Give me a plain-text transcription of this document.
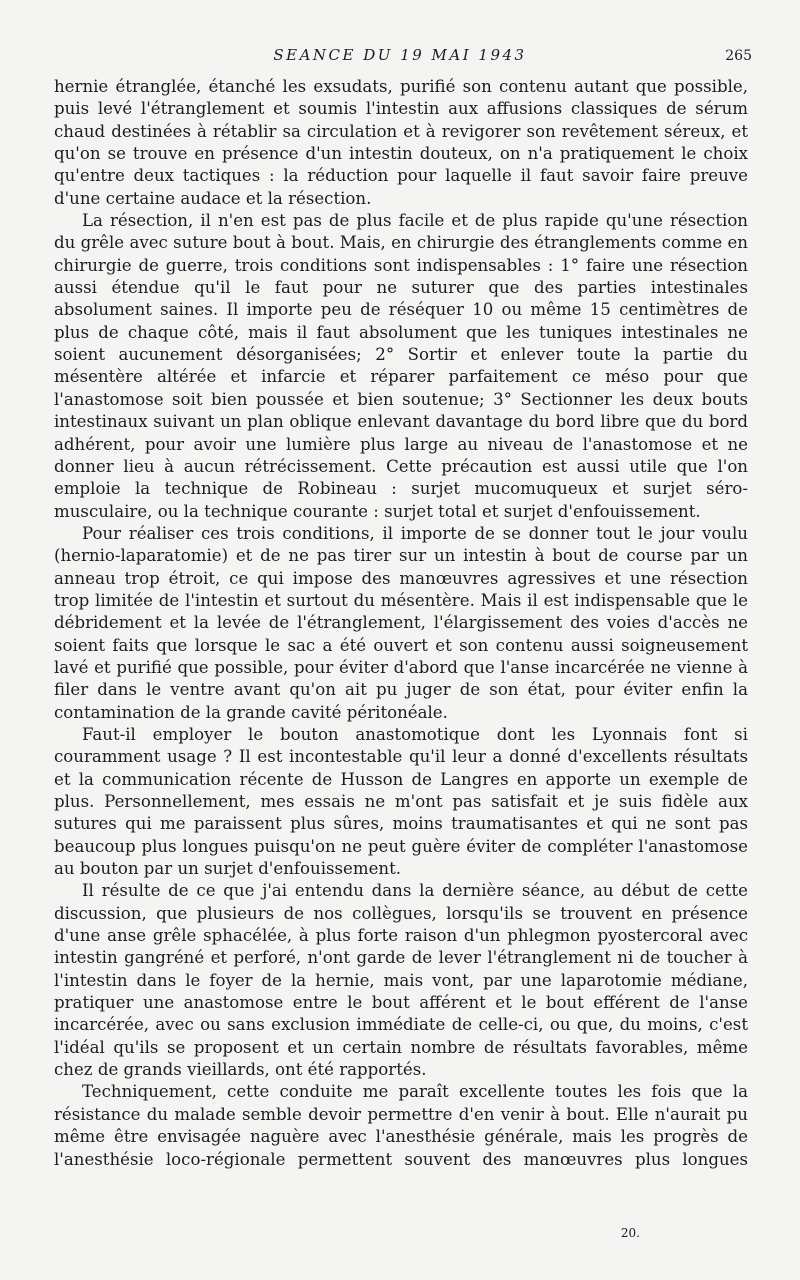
SEANCE DU 19 MAI 1943	265

hernie étranglée, étanché les exsudats, purifié son contenu autant que possible, puis levé l'étranglement et soumis l'intestin aux affusions classiques de sérum chaud destinées à rétablir sa circulation et à revigorer son revêtement séreux, et qu'on se trouve en présence d'un intestin douteux, on n'a pratiquement le choix qu'entre deux tactiques : la réduction pour laquelle il faut savoir faire preuve d'une certaine audace et la résection.

La résection, il n'en est pas de plus facile et de plus rapide qu'une résection du grêle avec suture bout à bout. Mais, en chirurgie des étranglements comme en chirurgie de guerre, trois conditions sont indispensables : 1° faire une résection aussi étendue qu'il le faut pour ne suturer que des parties intestinales absolument saines. Il importe peu de réséquer 10 ou même 15 centimètres de plus de chaque côté, mais il faut absolument que les tuniques intestinales ne soient aucunement désorganisées; 2° Sortir et enlever toute la partie du mésentère altérée et infarcie et réparer parfaitement ce méso pour que l'anastomose soit bien poussée et bien soutenue; 3° Sectionner les deux bouts intestinaux suivant un plan oblique enlevant davantage du bord libre que du bord adhérent, pour avoir une lumière plus large au niveau de l'anastomose et ne donner lieu à aucun rétrécissement. Cette précaution est aussi utile que l'on emploie la technique de Robineau : surjet mucomuqueux et surjet séro-musculaire, ou la technique courante : surjet total et surjet d'enfouissement.

Pour réaliser ces trois conditions, il importe de se donner tout le jour voulu (hernio-laparatomie) et de ne pas tirer sur un intestin à bout de course par un anneau trop étroit, ce qui impose des manœuvres agressives et une résection trop limitée de l'intestin et surtout du mésentère. Mais il est indispensable que le débridement et la levée de l'étranglement, l'élargissement des voies d'accès ne soient faits que lorsque le sac a été ouvert et son contenu aussi soigneusement lavé et purifié que possible, pour éviter d'abord que l'anse incarcérée ne vienne à filer dans le ventre avant qu'on ait pu juger de son état, pour éviter enfin la contamination de la grande cavité péritonéale.

Faut-il employer le bouton anastomotique dont les Lyonnais font si couramment usage ? Il est incontestable qu'il leur a donné d'excellents résultats et la communication récente de Husson de Langres en apporte un exemple de plus. Personnellement, mes essais ne m'ont pas satisfait et je suis fidèle aux sutures qui me paraissent plus sûres, moins traumatisantes et qui ne sont pas beaucoup plus longues puisqu'on ne peut guère éviter de compléter l'anastomose au bouton par un surjet d'enfouissement.

Il résulte de ce que j'ai entendu dans la dernière séance, au début de cette discussion, que plusieurs de nos collègues, lorsqu'ils se trouvent en présence d'une anse grêle sphacélée, à plus forte raison d'un phlegmon pyostercoral avec intestin gangréné et perforé, n'ont garde de lever l'étranglement ni de toucher à l'intestin dans le foyer de la hernie, mais vont, par une laparotomie médiane, pratiquer une anastomose entre le bout afférent et le bout efférent de l'anse incarcérée, avec ou sans exclusion immédiate de celle-ci, ou que, du moins, c'est l'idéal qu'ils se proposent et un certain nombre de résultats favorables, même chez de grands vieillards, ont été rapportés.

Techniquement, cette conduite me paraît excellente toutes les fois que la résistance du malade semble devoir permettre d'en venir à bout. Elle n'aurait pu même être envisagée naguère avec l'anesthésie générale, mais les progrès de l'anesthésie loco-régionale permettent souvent des manœuvres plus longues

20.
